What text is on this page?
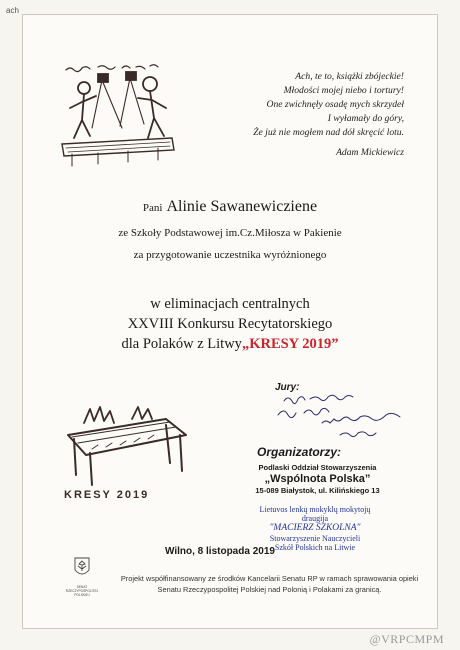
ach
Ach, te to, książki zbójeckie!
Młodości mojej niebo i tortury!
One zwichnęły osadę mych skrzydeł
I wyłamały do góry,
Że już nie mogłem nad dół skręcić lotu.
Adam Mickiewicz
Pani Alinie Sawanewicziene
ze Szkoły Podstawowej im.Cz.Miłosza w Pakienie
za przygotowanie uczestnika wyróżnionego
w eliminacjach centralnych
XXVIII Konkursu Recytatorskiego
dla Polaków z Litwy„KRESY 2019”
KRESY 2019
Jury:
Organizatorzy:
Podlaski Oddział Stowarzyszenia
„Wspólnota Polska”
15-089 Białystok, ul. Kilińskiego 13
Lietuvos lenkų mokyklų mokytojų
draugija
"MACIERZ SZKOLNA"
Stowarzyszenie Nauczycieli
Szkół Polskich na Litwie
Wilno, 8 listopada 2019
SENAT
RZECZYPOSPOLITEJ
POLSKIEJ
Projekt współfinansowany ze środków Kancelarii Senatu RP w ramach sprawowania opieki Senatu Rzeczypospolitej Polskiej nad Polonią i Polakami za granicą.
@VRPCMPM
